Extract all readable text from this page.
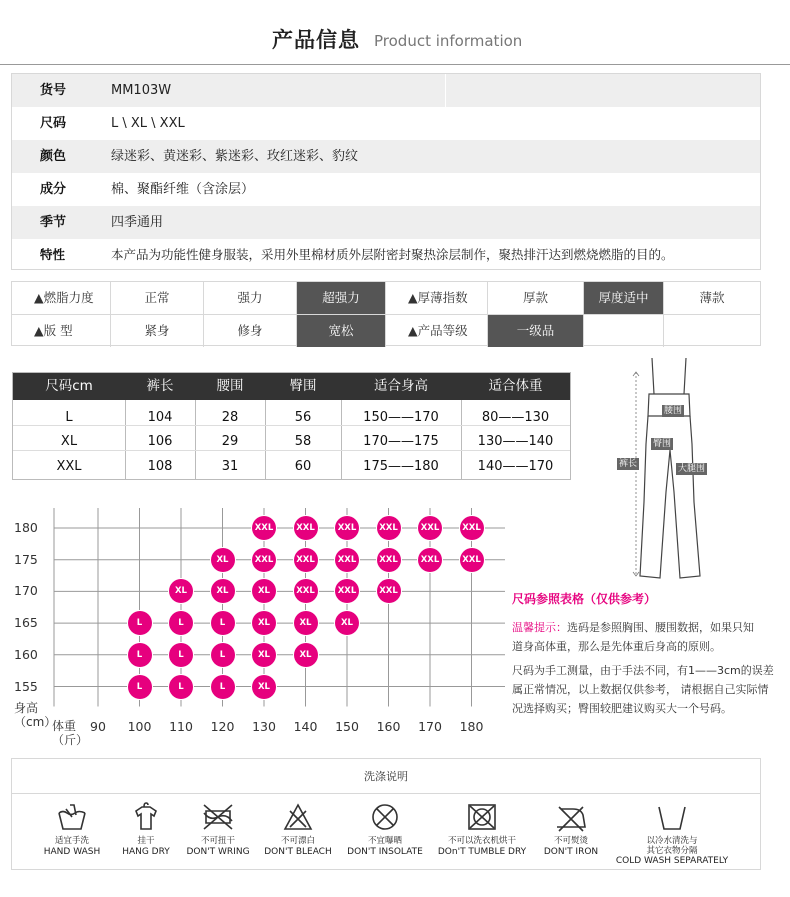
产品信息 Product information
货号	MM103W
尺码	L \ XL \ XXL
颜色	绿迷彩、黄迷彩、紫迷彩、玫红迷彩、豹纹
成分	棉、聚酯纤维（含涂层）
季节	四季通用
特性	本产品为功能性健身服装，采用外里棉材质外层附密封聚热涂层制作，聚热排汗达到燃烧燃脂的目的。
▲燃脂力度	正常	强力	超强力	▲厚薄指数	厚款	厚度适中	薄款
▲版 型	紧身	修身	宽松	▲产品等级	一级品
尺码cm	裤长	腰围	臀围	适合身高	适合体重
L	104	28	56	150——170	80——130
XL	106	29	58	170——175	130——140
XXL	108	31	60	175——180	140——170
腰围
臀围
裤长	大腿围
180
175
170
165
160
155
90	100 110 120 130 140 150 160 170 180
身高
（cm）
体重
（斤）
XXL	XXL	XXL	XXL	XXL	XXL
XL	XXL	XXL	XXL	XXL	XXL	XXL
XL	XL	XL	XXL	XXL	XXL
L	L	L	XL	XL	XL
L	L	L	XL	XL
L	L	L	XL
尺码参照表格（仅供参考）
温馨提示：选码是参照胸围、腰围数据，如果只知
道身高体重，那么是先体重后身高的原则。
尺码为手工测量，由于手法不同，有1——3cm的误差
属正常情况，以上数据仅供参考， 请根据自己实际情
况选择购买；臀围较肥建议购买大一个号码。
洗涤说明
适宜手洗
HAND WASH
挂干
HANG DRY
不可扭干
DON'T WRING
不可漂白
DON'T BLEACH
不宜曝晒
DON'T INSOLATE
不可以洗衣机烘干
DOn'T TUMBLE DRY
不可熨烫
DON'T IRON
以冷水清洗与
其它衣物分隔
COLD WASH SEPARATELY
